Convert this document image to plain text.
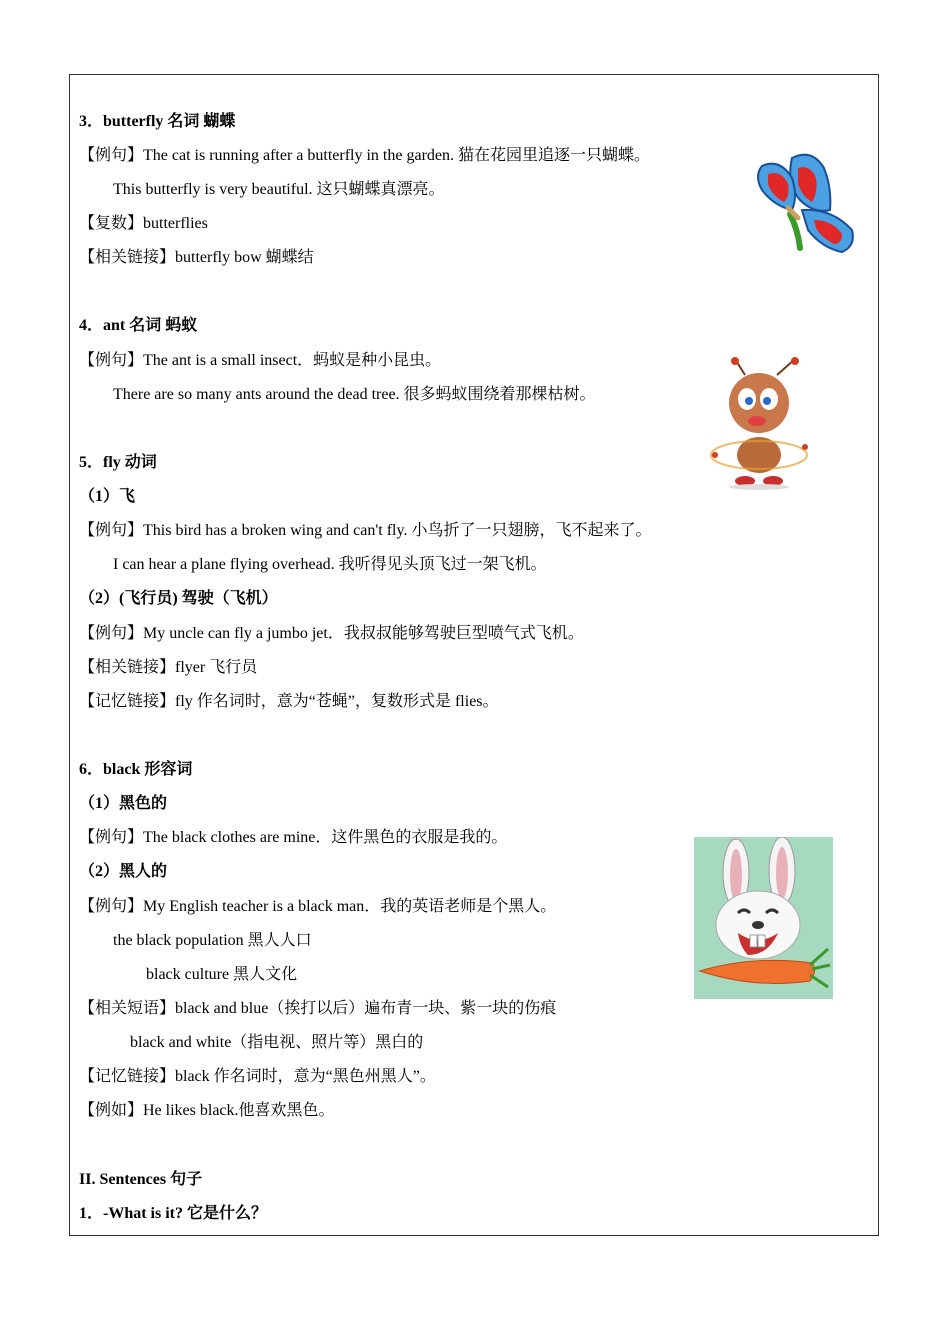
3．butterfly 名词 蝴蝶
【例句】The cat is running after a butterfly in the garden. 猫在花园里追逐一只蝴蝶。
This butterfly is very beautiful. 这只蝴蝶真漂亮。
【复数】butterflies
【相关链接】butterfly bow 蝴蝶结
4．ant 名词 蚂蚁
【例句】The ant is a small insect．蚂蚁是种小昆虫。
There are so many ants around the dead tree. 很多蚂蚁围绕着那棵枯树。
5．fly 动词
（1）飞
【例句】This bird has a broken wing and can't fly. 小鸟折了一只翅膀，飞不起来了。
I can hear a plane flying overhead. 我听得见头顶飞过一架飞机。
（2）(飞行员) 驾驶（飞机）
【例句】My uncle can fly a jumbo jet．我叔叔能够驾驶巨型喷气式飞机。
【相关链接】flyer 飞行员
【记忆链接】fly 作名词时，意为“苍蝇”，复数形式是 flies。
6．black 形容词
（1）黑色的
【例句】The black clothes are mine．这件黑色的衣服是我的。
（2）黑人的
【例句】My English teacher is a black man．我的英语老师是个黑人。
the black population 黑人人口
black culture 黑人文化
【相关短语】black and blue（挨打以后）遍布青一块、紫一块的伤痕
black and white（指电视、照片等）黑白的
【记忆链接】black 作名词时，意为“黑色州黑人”。
【例如】He likes black.他喜欢黑色。
II. Sentences 句子
1．-What is it? 它是什么？
